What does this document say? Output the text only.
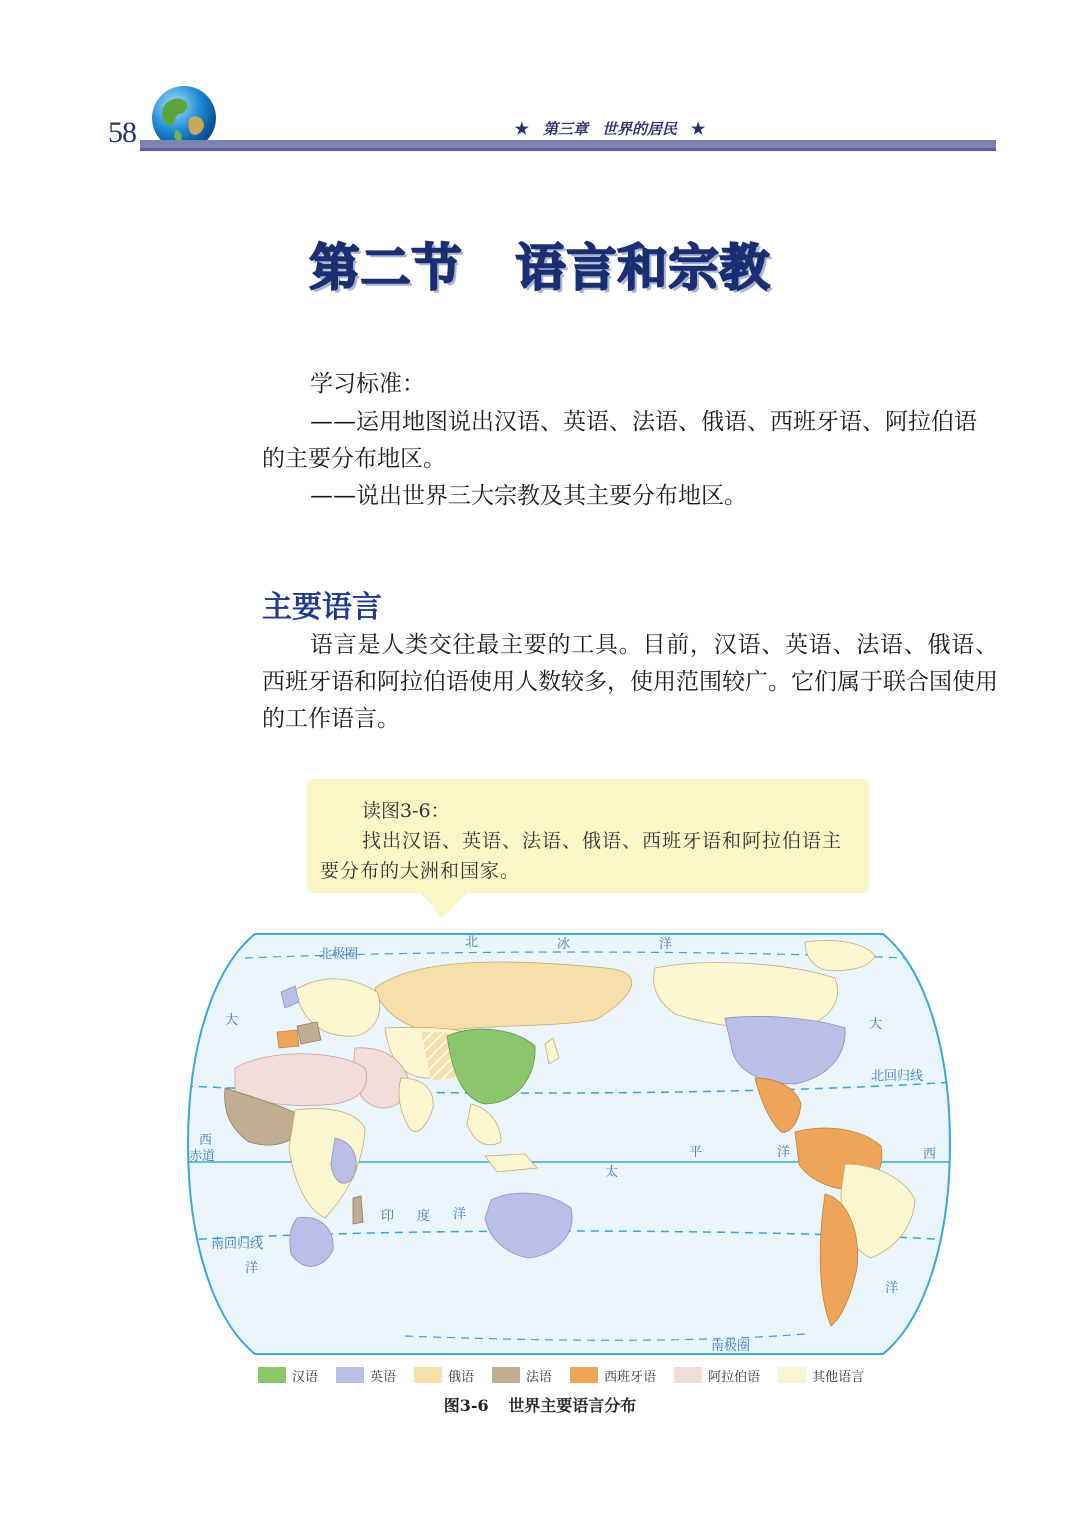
58	★ 第三章 世界的居民 ★
第二节 语言和宗教
学习标准：
——运用地图说出汉语、英语、法语、俄语、西班牙语、阿拉伯语的主要分布地区。
——说出世界三大宗教及其主要分布地区。
主要语言
语言是人类交往最主要的工具。目前，汉语、英语、法语、俄语、西班牙语和阿拉伯语使用人数较多，使用范围较广。它们属于联合国使用的工作语言。
读图3-6：
找出汉语、英语、法语、俄语、西班牙语和阿拉伯语主要分布的大洲和国家。
北	冰	洋
北极圈
大
西
洋
大
西
洋
赤道
太
平	洋
印 度 洋
北回归线
南回归线
南极圈
汉语	英语	俄语	法语	西班牙语	阿拉伯语	其他语言
图3-6 世界主要语言分布
